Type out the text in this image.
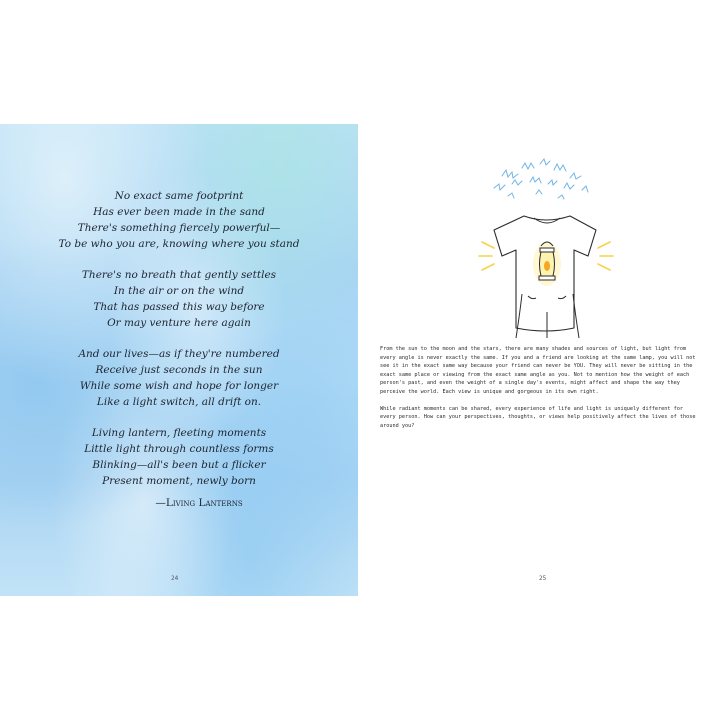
No exact same footprint
Has ever been made in the sand
There's something fiercely powerful—
To be who you are, knowing where you stand
There's no breath that gently settles
In the air or on the wind
That has passed this way before
Or may venture here again
And our lives—as if they're numbered
Receive just seconds in the sun
While some wish and hope for longer
Like a light switch, all drift on.
Living lantern, fleeting moments
Little light through countless forms
Blinking—all's been but a flicker
Present moment, newly born
—Living Lanterns
24

From the sun to the moon and the stars, there are many shades and sources of light, but light from every angle is never exactly the same. If you and a friend are looking at the same lamp, you will not see it in the exact same way because your friend can never be YOU. They will never be sitting in the exact same place or viewing from the exact same angle as you. Not to mention how the weight of each person's past, and even the weight of a single day's events, might affect and shape the way they perceive the world. Each view is unique and gorgeous in its own right.

While radiant moments can be shared, every experience of life and light is uniquely different for every person. How can your perspectives, thoughts, or views help positively affect the lives of those around you?

25
